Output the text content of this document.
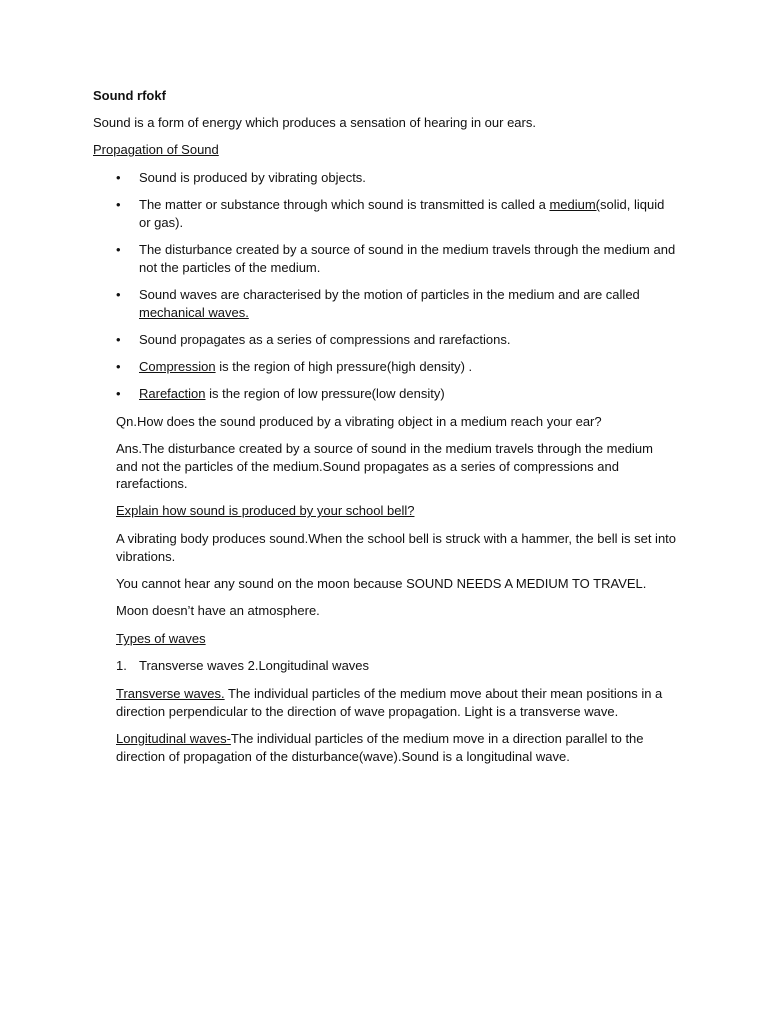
Sound rfokf

Sound is a form of energy which produces a sensation of hearing in our ears.

Propagation of Sound

• Sound is produced by vibrating objects.
• The matter or substance through which sound is transmitted is called a medium(solid, liquid or gas).
• The disturbance created by a source of sound in the medium travels through the medium and not the particles of the medium.
• Sound waves are characterised by the motion of particles in the medium and are called mechanical waves.
• Sound propagates as a series of compressions and rarefactions.
• Compression is the region of high pressure(high density) .
• Rarefaction is the region of low pressure(low density)

Qn.How does the sound produced by a vibrating object in a medium reach your ear?

Ans.The disturbance created by a source of sound in the medium travels through the medium and not the particles of the medium.Sound propagates as a series of compressions and rarefactions.

Explain how sound is produced by your school bell?

A vibrating body produces sound.When the school bell is struck with a hammer, the bell is set into vibrations.

You cannot hear any sound on the moon because SOUND NEEDS A MEDIUM TO TRAVEL.

Moon doesn’t have an atmosphere.

Types of waves

1. Transverse waves 2.Longitudinal waves

Transverse waves. The individual particles of the medium move about their mean positions in a direction perpendicular to the direction of wave propagation. Light is a transverse wave.

Longitudinal waves-The individual particles of the medium move in a direction parallel to the direction of propagation of the disturbance(wave).Sound is a longitudinal wave.
